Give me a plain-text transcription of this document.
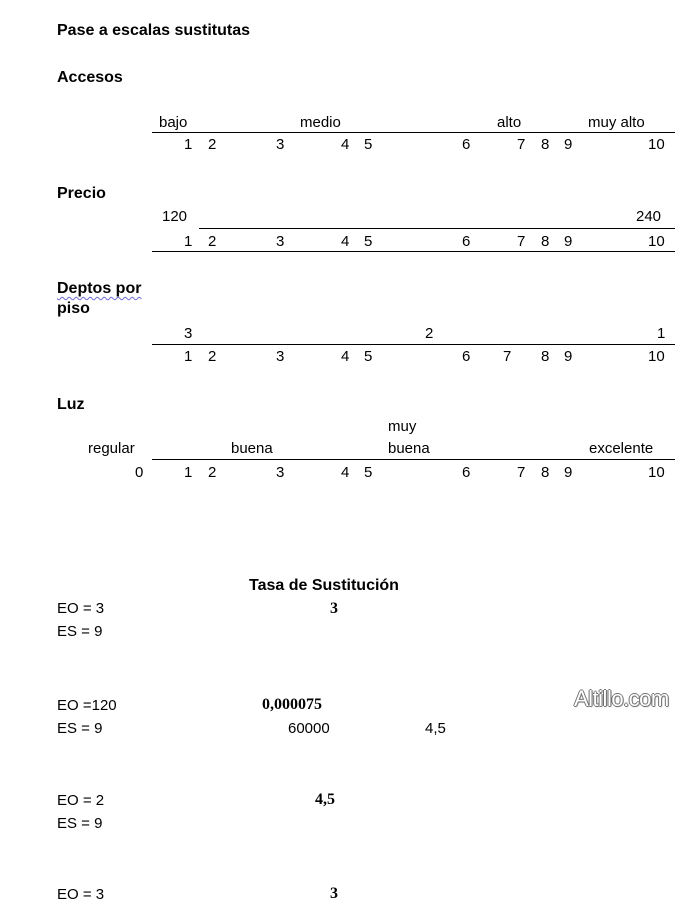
Pase a escalas sustitutas
Accesos
bajo	medio	alto	muy alto
1 2	3	4 5	6	7 8 9	10
Precio
120	240
1 2	3	4 5	6	7 8 9	10
Deptos por
piso
3	2	1
1 2	3	4 5	6 7 8 9	10
Luz
muy
regular	buena	buena	excelente
0	1 2	3	4 5	6	7 8 9	10
Tasa de Sustitución
EO = 3	3
ES = 9
EO =120	0,000075
ES = 9	60000	4,5
EO = 2	4,5
ES = 9
EO = 3	3
Altillo.com
